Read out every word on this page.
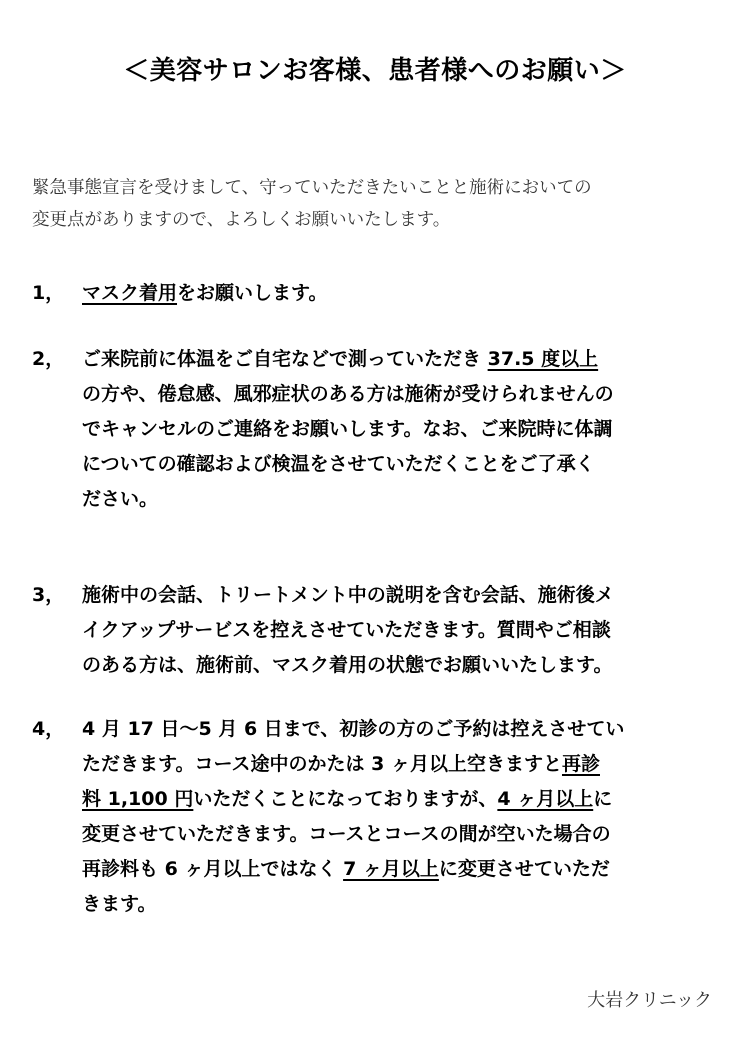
＜美容サロンお客様、患者様へのお願い＞
緊急事態宣言を受けまして、守っていただきたいことと施術においての
変更点がありますので、よろしくお願いいたします。
1， マスク着用をお願いします。
2， ご来院前に体温をご自宅などで測っていただき 37.5 度以上
の方や、倦怠感、風邪症状のある方は施術が受けられませんの
でキャンセルのご連絡をお願いします。なお、ご来院時に体調
についての確認および検温をさせていただくことをご了承く
ださい。
3， 施術中の会話、トリートメント中の説明を含む会話、施術後メ
イクアップサービスを控えさせていただきます。質問やご相談
のある方は、施術前、マスク着用の状態でお願いいたします。
4， 4 月 17 日〜5 月 6 日まで、初診の方のご予約は控えさせてい
ただきます。コース途中のかたは 3 ヶ月以上空きますと再診
料 1,100 円いただくことになっておりますが、4 ヶ月以上に
変更させていただきます。コースとコースの間が空いた場合の
再診料も 6 ヶ月以上ではなく 7 ヶ月以上に変更させていただ
きます。
大岩クリニック
